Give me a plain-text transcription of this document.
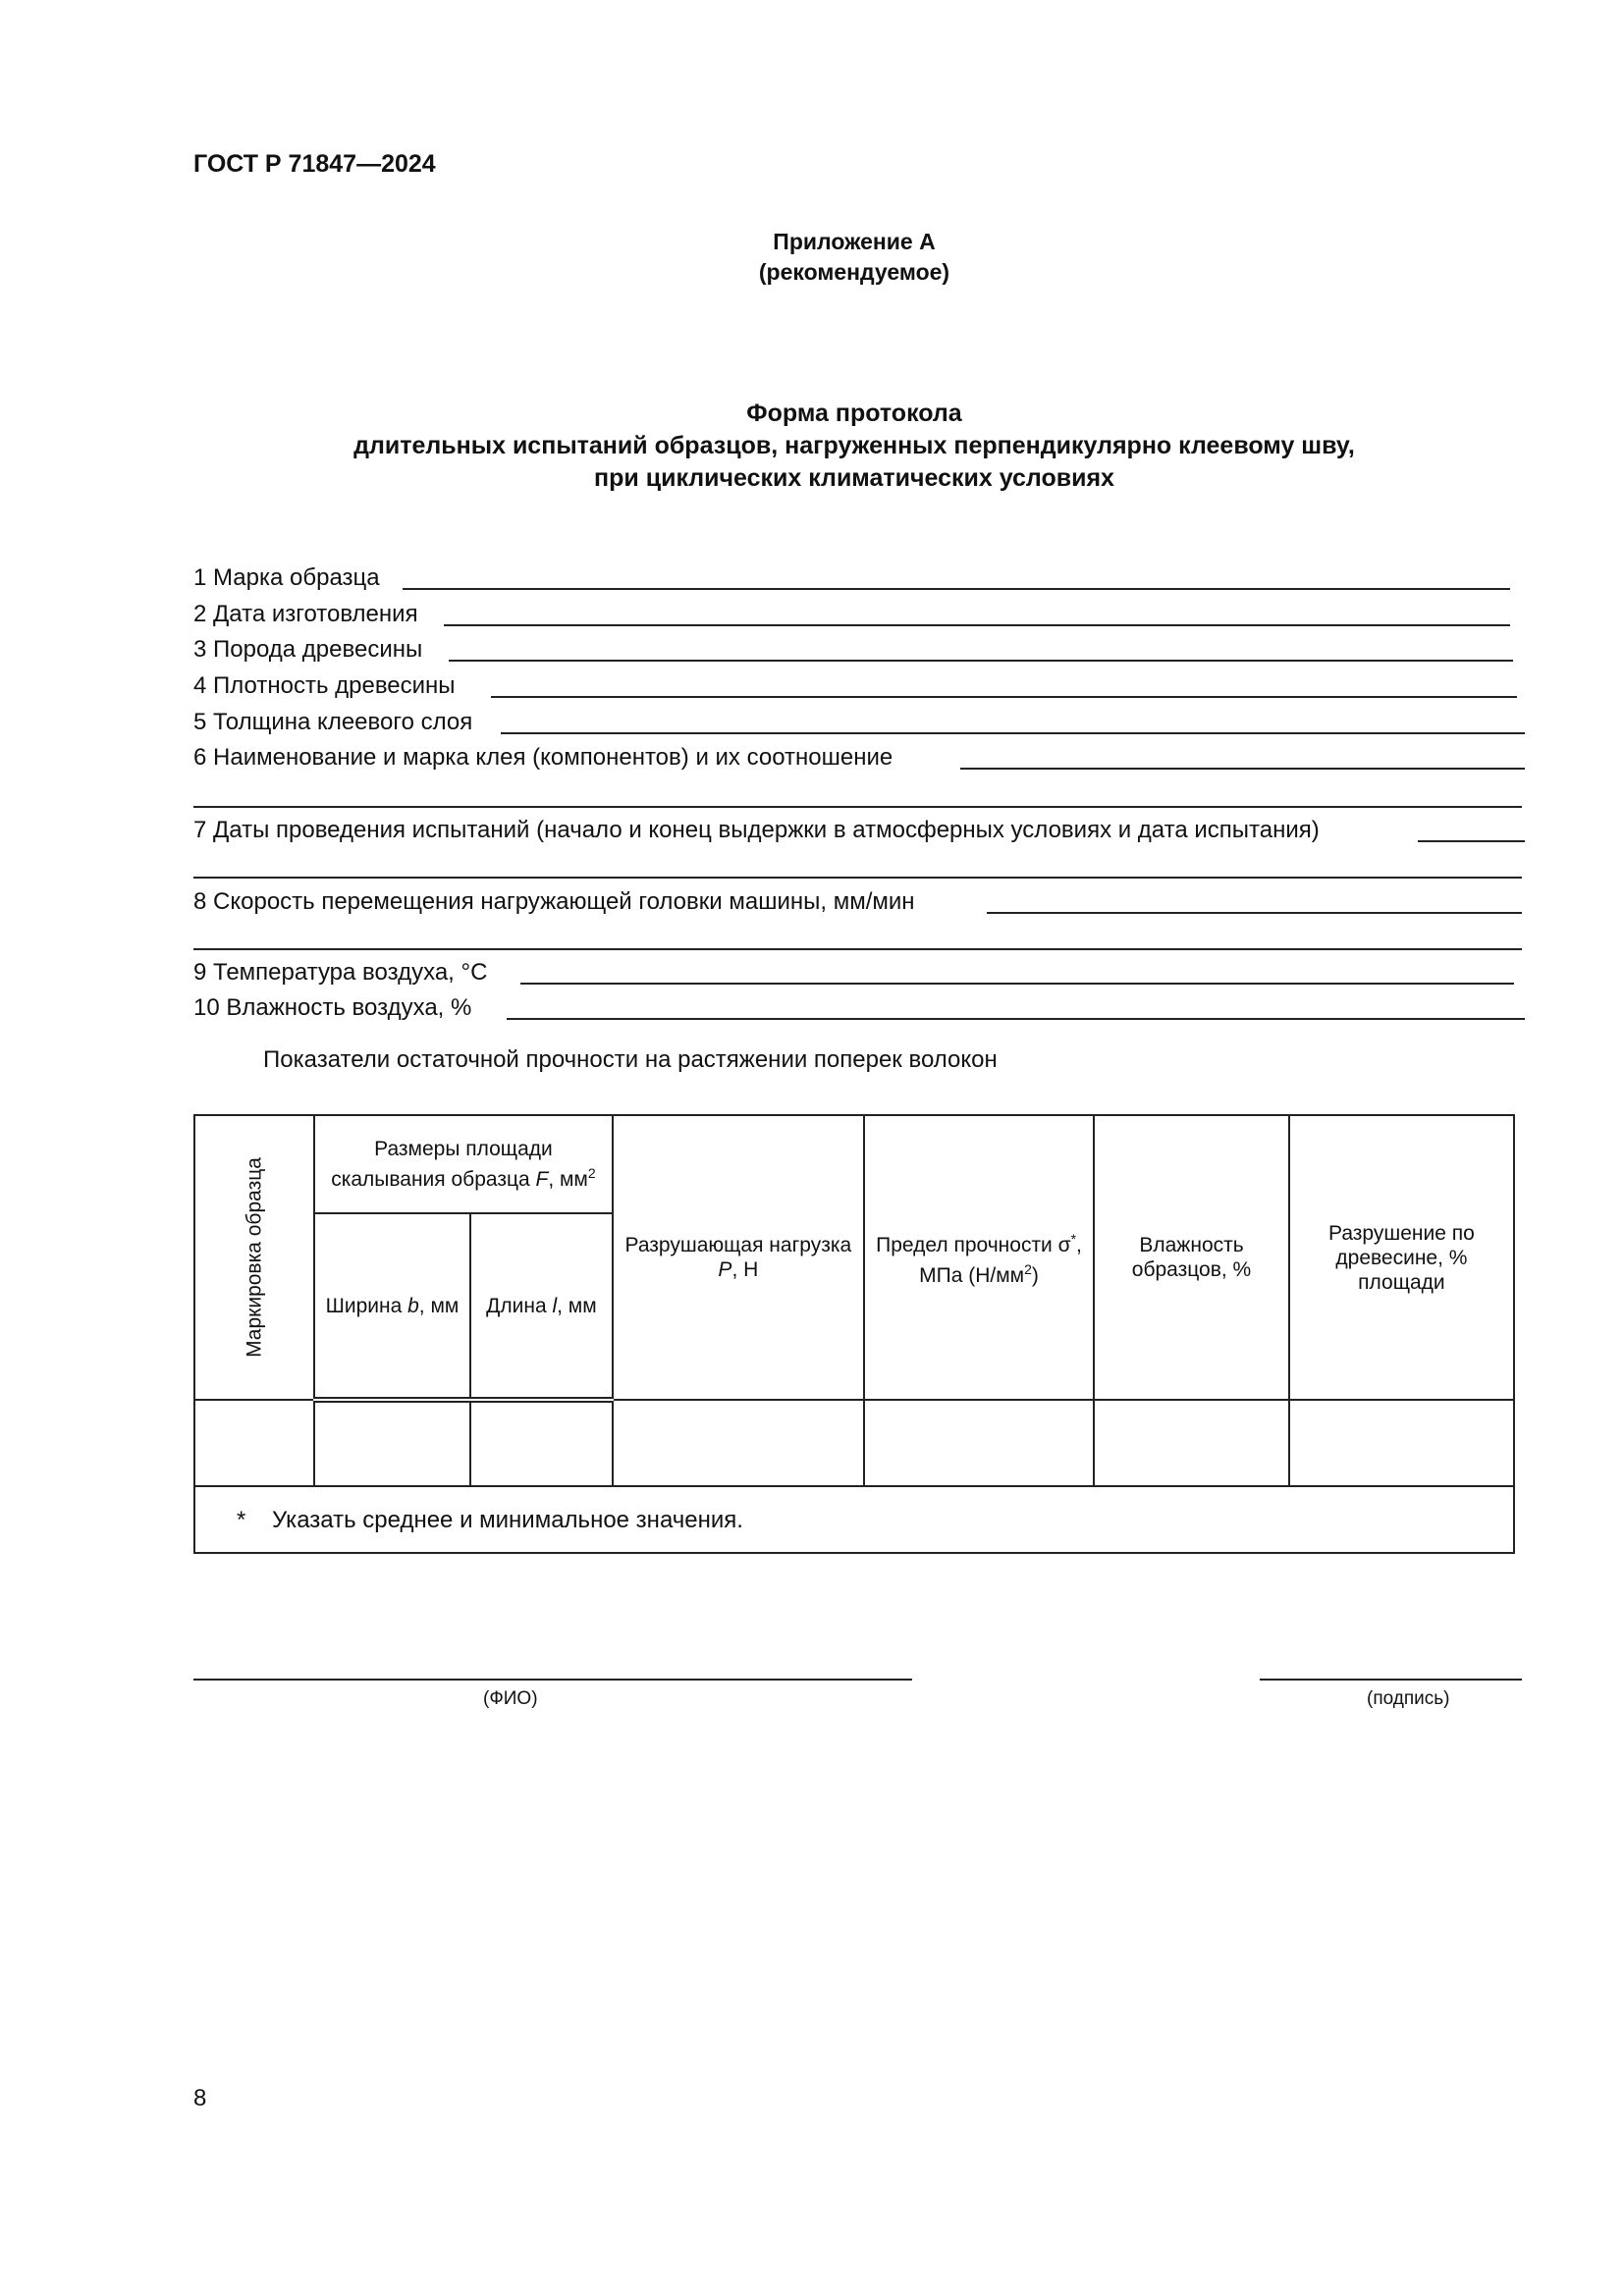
ГОСТ Р 71847—2024
Приложение А
(рекомендуемое)
Форма протокола
длительных испытаний образцов, нагруженных перпендикулярно клеевому шву,
при циклических климатических условиях
1 Марка образца
2 Дата изготовления
3 Порода древесины
4 Плотность древесины
5 Толщина клеевого слоя
6 Наименование и марка клея (компонентов) и их соотношение
7 Даты проведения испытаний (начало и конец выдержки в атмосферных условиях и дата испытания)
8 Скорость перемещения нагружающей головки машины, мм/мин
9 Температура воздуха, °С
10 Влажность воздуха, %
Показатели остаточной прочности на растяжении поперек волокон
Маркировка образца	Размеры площади скалывания образца F, $мм^2$		Разрушающая нагрузка P, Н	Предел прочности σ*, МПа $(Н/мм^2)$	Влажность образцов, %	Разрушение по древесине, % площади
	Ширина b, мм	Длина l, мм				

* Указать среднее и минимальное значения.						
(ФИО)	(подпись)
8
